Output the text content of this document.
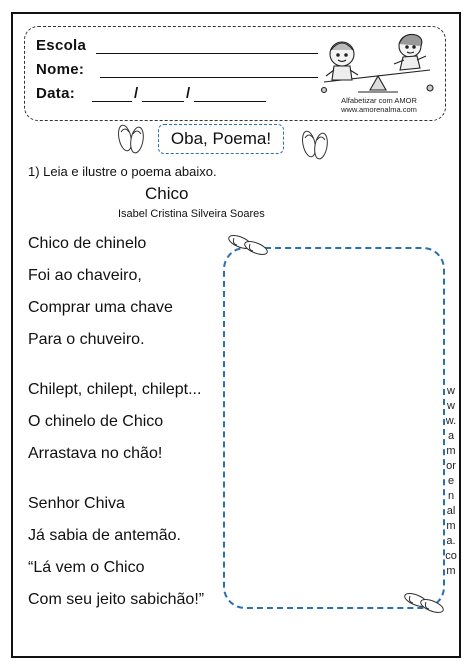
Escola
Nome:
Data:	/	/	Alfabetizar com AMOR
www.amorenalma.com
Oba, Poema!
1) Leia e ilustre o poema abaixo.
Chico
Isabel Cristina Silveira Soares
Chico de chinelo
Foi ao chaveiro,
Comprar uma chave
Para o chuveiro.
Chilept, chilept, chilept...
O chinelo de Chico
Arrastava no chão!
Senhor Chiva
Já sabia de antemão.
“Lá vem o Chico
Com seu jeito sabichão!”
www.amorenalma.com
